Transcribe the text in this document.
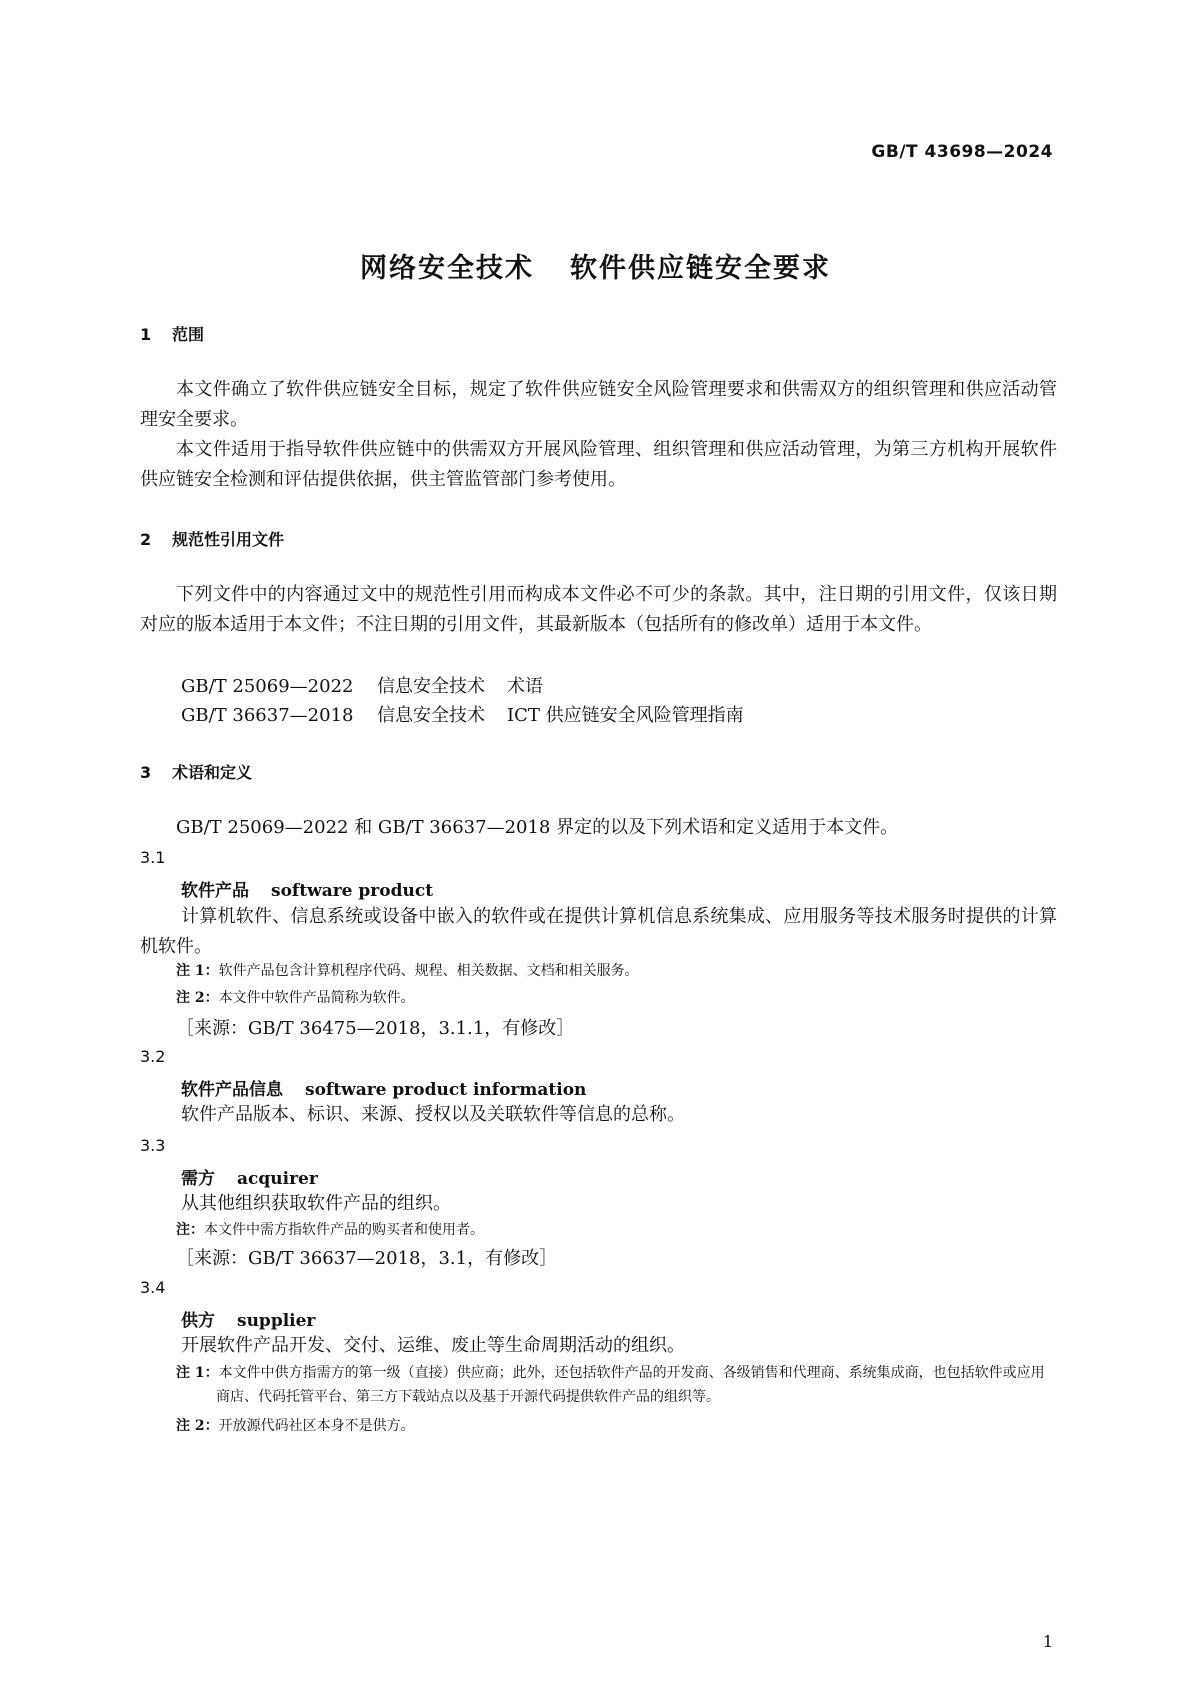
GB/T 43698—2024
网络安全技术 软件供应链安全要求
1 范围

本文件确立了软件供应链安全目标，规定了软件供应链安全风险管理要求和供需双方的组织管理和供应活动管理安全要求。

本文件适用于指导软件供应链中的供需双方开展风险管理、组织管理和供应活动管理，为第三方机构开展软件供应链安全检测和评估提供依据，供主管监管部门参考使用。

2 规范性引用文件

下列文件中的内容通过文中的规范性引用而构成本文件必不可少的条款。其中，注日期的引用文件，仅该日期对应的版本适用于本文件；不注日期的引用文件，其最新版本（包括所有的修改单）适用于本文件。

GB/T 25069—2022 信息安全技术 术语
GB/T 36637—2018 信息安全技术 ICT 供应链安全风险管理指南
3 术语和定义

GB/T 25069—2022 和 GB/T 36637—2018 界定的以及下列术语和定义适用于本文件。

3.1
软件产品 software product

计算机软件、信息系统或设备中嵌入的软件或在提供计算机信息系统集成、应用服务等技术服务时提供的计算机软件。

注 1：软件产品包含计算机程序代码、规程、相关数据、文档和相关服务。
注 2：本文件中软件产品简称为软件。
［来源：GB/T 36475—2018，3.1.1，有修改］
3.2
软件产品信息 software product information

软件产品版本、标识、来源、授权以及关联软件等信息的总称。

3.3
需方 acquirer

从其他组织获取软件产品的组织。

注：本文件中需方指软件产品的购买者和使用者。
［来源：GB/T 36637—2018，3.1，有修改］
3.4
供方 supplier

开展软件产品开发、交付、运维、废止等生命周期活动的组织。

注 1：本文件中供方指需方的第一级（直接）供应商；此外，还包括软件产品的开发商、各级销售和代理商、系统集成商，也包括软件或应用商店、代码托管平台、第三方下载站点以及基于开源代码提供软件产品的组织等。
注 2：开放源代码社区本身不是供方。
1
